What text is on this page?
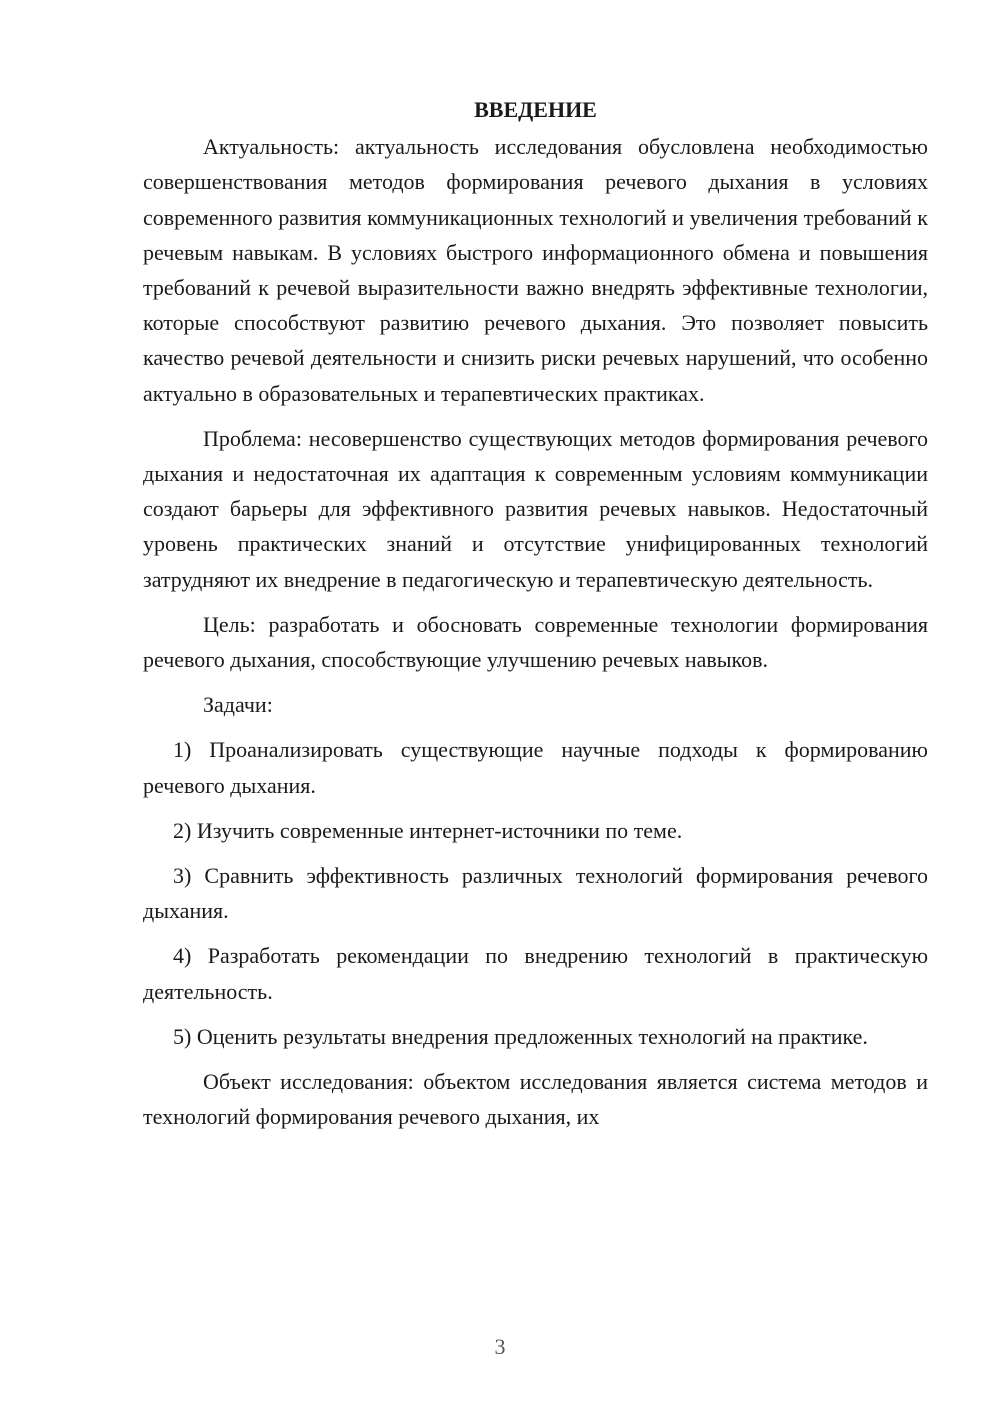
ВВЕДЕНИЕ

Актуальность: актуальность исследования обусловлена необходимостью совершенствования методов формирования речевого дыхания в условиях современного развития коммуникационных технологий и увеличения требований к речевым навыкам. В условиях быстрого информационного обмена и повышения требований к речевой выразительности важно внедрять эффективные технологии, которые способствуют развитию речевого дыхания. Это позволяет повысить качество речевой деятельности и снизить риски речевых нарушений, что особенно актуально в образовательных и терапевтических практиках.

Проблема: несовершенство существующих методов формирования речевого дыхания и недостаточная их адаптация к современным условиям коммуникации создают барьеры для эффективного развития речевых навыков. Недостаточный уровень практических знаний и отсутствие унифицированных технологий затрудняют их внедрение в педагогическую и терапевтическую деятельность.

Цель: разработать и обосновать современные технологии формирования речевого дыхания, способствующие улучшению речевых навыков.

Задачи:

1) Проанализировать существующие научные подходы к формированию речевого дыхания.

2) Изучить современные интернет-источники по теме.

3) Сравнить эффективность различных технологий формирования речевого дыхания.

4) Разработать рекомендации по внедрению технологий в практическую деятельность.

5) Оценить результаты внедрения предложенных технологий на практике.

Объект исследования: объектом исследования является система методов и технологий формирования речевого дыхания, их

3
